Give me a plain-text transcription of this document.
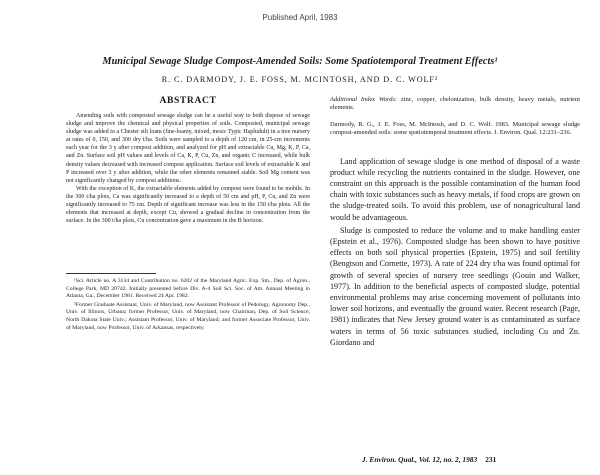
Published April, 1983
Municipal Sewage Sludge Compost-Amended Soils: Some Spatiotemporal Treatment Effects¹
R. C. DARMODY, J. E. FOSS, M. MCINTOSH, AND D. C. WOLF²
ABSTRACT

Amending soils with composted sewage sludge can be a useful way to both dispose of sewage sludge and improve the chemical and physical properties of soils. Composted, municipal sewage sludge was added to a Chester silt loam (fine-loamy, mixed, mesic Typic Hapludult) in a tree nursery at rates of 0, 150, and 300 dry t/ha. Soils were sampled to a depth of 120 cm, in 25-cm increments each year for the 3 y after compost addition, and analyzed for pH and extractable Cu, Mg, K, P, Ca, and Zn. Surface soil pH values and levels of Ca, K, P, Cu, Zn, and organic C increased, while bulk density values decreased with increased compost application. Surface soil levels of extractable K and P increased over 3 y after addition, while the other elements remained stable. Soil Mg content was not significantly changed by compost additions.

With the exception of K, the extractable elements added by compost were found to be mobile. In the 300 t/ha plots, Ca was significantly increased to a depth of 50 cm and pH, P, Cu, and Zn were significantly increased to 75 cm. Depth of significant increase was less in the 150 t/ha plots. All the elements that increased at depth, except Cu, showed a gradual decline in concentration from the surface. In the 300 t/ha plots, Cu concentration gave a maximum in the B horizon.

¹Sci. Article no. A 3134 and Contribution no. 6202 of the Maryland Agric. Exp. Stn., Dep. of Agron., College Park, MD 20742. Initially presented before Div. A-4 Soil Sci. Soc. of Am. Annual Meeting in Atlanta, Ga., December 1981. Received 24 Apr. 1982.

²Former Graduate Assistant, Univ. of Maryland, now Assistant Professor of Pedology, Agronomy Dep., Univ. of Illinois, Urbana; former Professor, Univ. of Maryland, now Chairman, Dep. of Soil Science, North Dakota State Univ.; Assistant Professor, Univ. of Maryland; and former Associate Professor, Univ. of Maryland, now Professor, Univ. of Arkansas, respectively.

Additional Index Words: zinc, copper, chelonization, bulk density, heavy metals, nutrient elements.

Darmody, R. G., J. E. Foss, M. McIntosh, and D. C. Wolf. 1983. Municipal sewage sludge compost-amended soils: some spatiotemporal treatment effects. J. Environ. Qual. 12:231–236.

Land application of sewage sludge is one method of disposal of a waste product while recycling the nutrients contained in the sludge. However, one constraint on this approach is the possible contamination of the human food chain with toxic substances such as heavy metals, if food crops are grown on the sludge-treated soils. To avoid this problem, use of nonagricultural land would be advantageous.

Sludge is composted to reduce the volume and to make handling easier (Epstein et al., 1976). Composted sludge has been shown to have positive effects on both soil physical properties (Epstein, 1975) and soil fertility (Bengtson and Cornette, 1973). A rate of 224 dry t/ha was found optimal for growth of several species of nursery tree seedlings (Gouin and Walker, 1977). In addition to the beneficial aspects of composted sludge, potential environmental problems may arise concerning movement of pollutants into lower soil horizons, and eventually the ground water. Recent research (Page, 1981) indicates that New Jersey ground water is as contaminated as surface waters in terms of 56 toxic substances studied, including Cu and Zn. Giordano and

J. Environ. Qual., Vol. 12, no. 2, 1983 231
